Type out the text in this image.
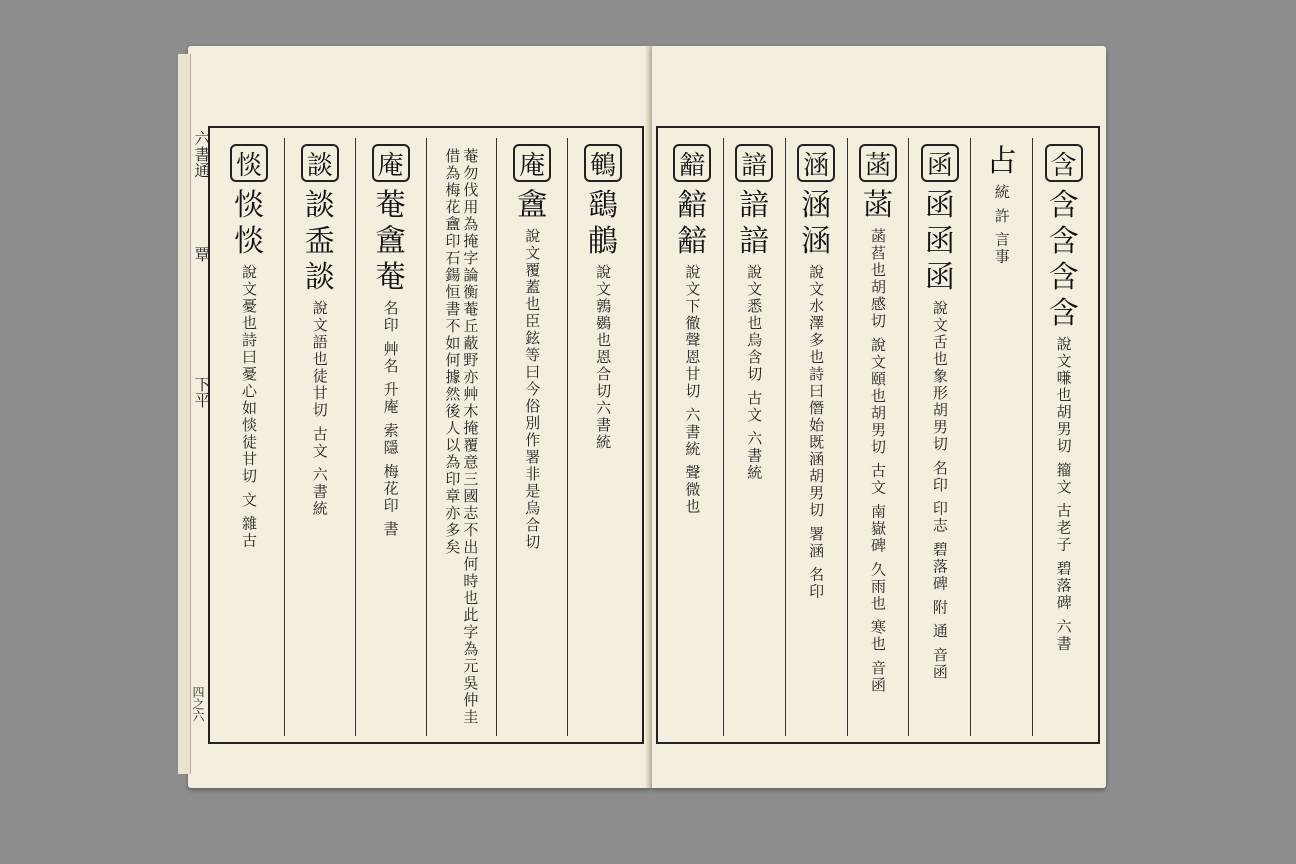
六書通
覃
下平
四之六
鵪
鷂
鵏
說文鶉鷃也恩合切六書統
庵
盦
說文覆蓋也臣鉉等曰今俗別作署非是烏合切
菴勿伐用為掩字論衡菴丘蔽野亦艸木掩覆意三國志不出何時也此字為元吳仲圭借為梅花盦印石鍚恒書不如何據然後人以為印章亦多矣
庵
菴
盦
菴
名印 艸名 升庵 索隱 梅花印 書
談
談
盉
談
說文語也徒甘切 古文 六書統
惔
惔
惔
說文憂也詩曰憂心如惔徒甘切 文 雜古
含
含
含
含
含
說文嗛也胡男切 籀文 古老子 碧落碑 六書
占
統 許 言事
函
函
函
函
說文舌也象形胡男切 名印 印志 碧落碑 附 通 音函
菡
菡
菡萏也胡感切 說文頤也胡男切 古文 南嶽碑 久雨也 寒也 音函
涵
涵
涵
說文水澤多也詩曰僭始既涵胡男切 署涵 名印
諳
諳
諳
說文悉也烏含切 古文 六書統
韽
韽
韽
說文下徹聲恩甘切 六書統 聲微也
